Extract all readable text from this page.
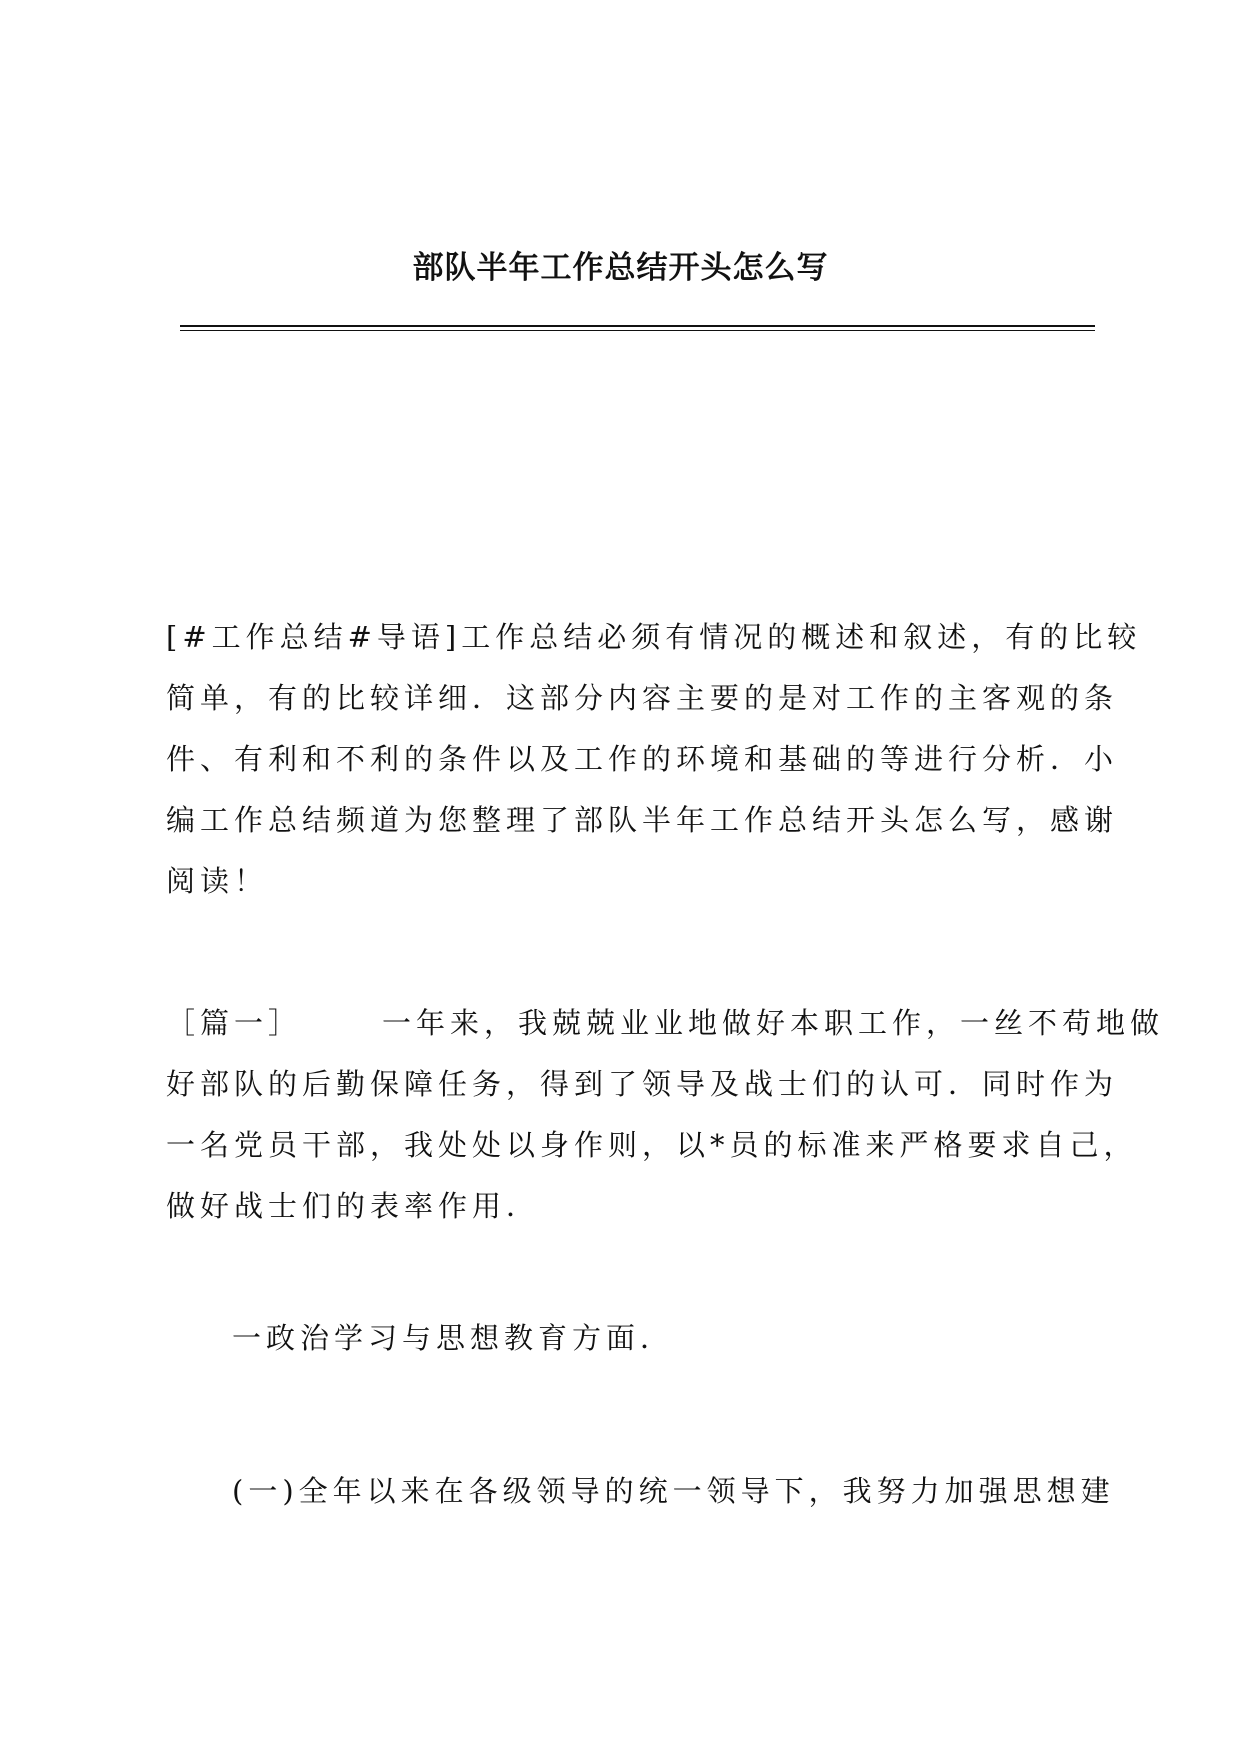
部队半年工作总结开头怎么写

[#工作总结#导语]工作总结必须有情况的概述和叙述，有的比较
简单，有的比较详细．这部分内容主要的是对工作的主客观的条
件、有利和不利的条件以及工作的环境和基础的等进行分析．小
编工作总结频道为您整理了部队半年工作总结开头怎么写，感谢
阅读！

［篇一］	一年来，我兢兢业业地做好本职工作，一丝不苟地做
好部队的后勤保障任务，得到了领导及战士们的认可．同时作为
一名党员干部，我处处以身作则，以*员的标准来严格要求自己，
做好战士们的表率作用．

一政治学习与思想教育方面．

(一)全年以来在各级领导的统一领导下，我努力加强思想建
